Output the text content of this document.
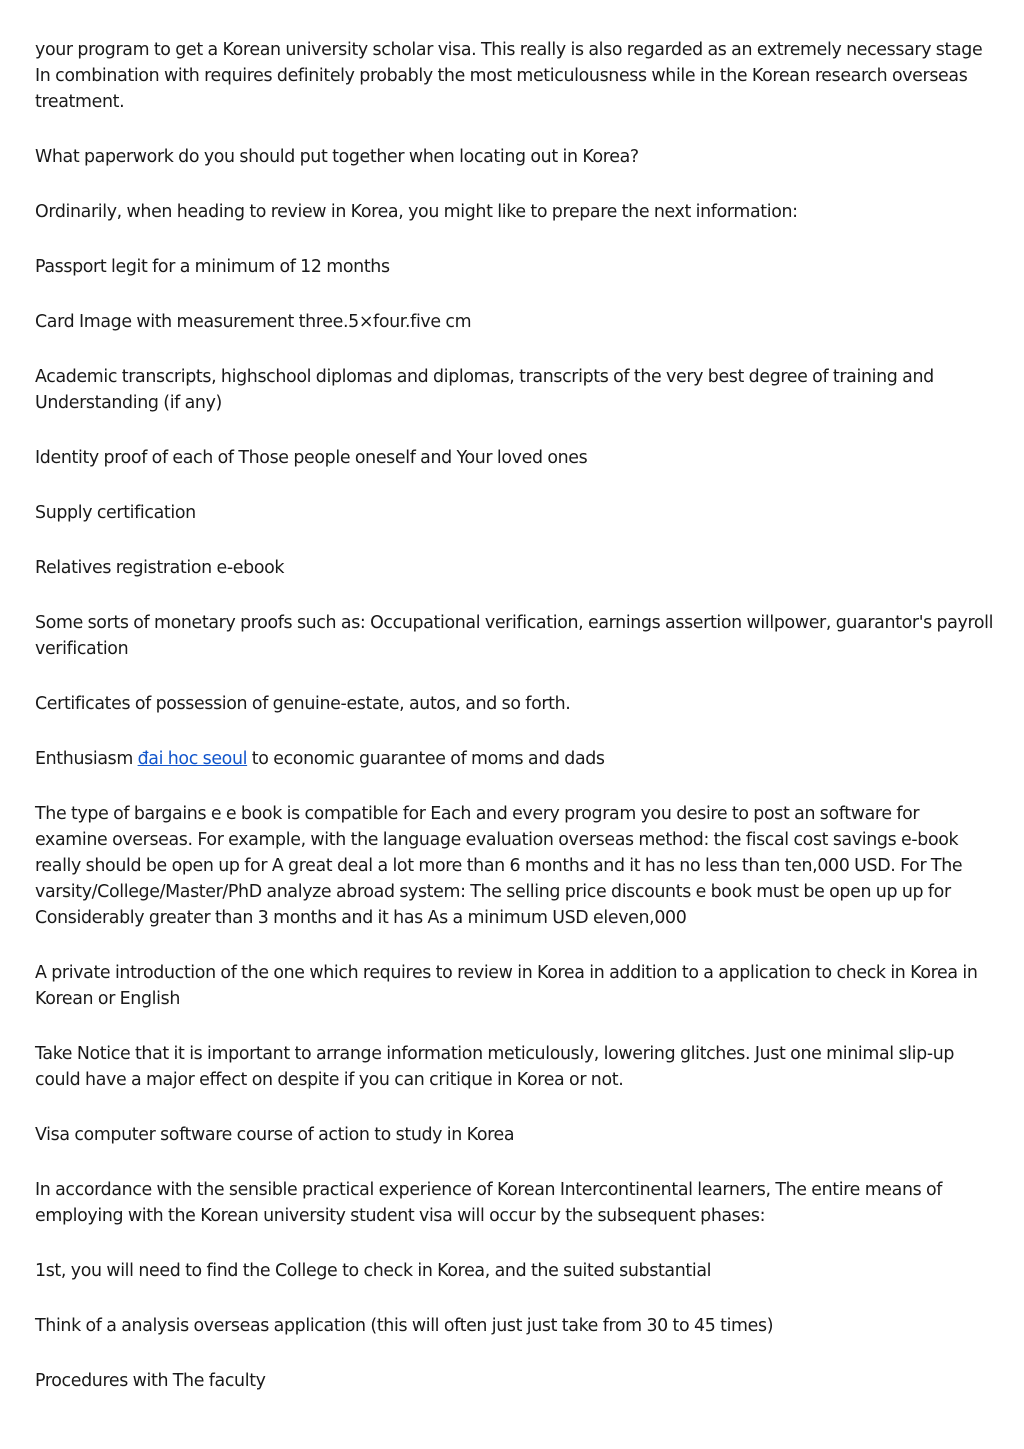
your program to get a Korean university scholar visa. This really is also regarded as an extremely necessary stage In combination with requires definitely probably the most meticulousness while in the Korean research overseas treatment.

What paperwork do you should put together when locating out in Korea?

Ordinarily, when heading to review in Korea, you might like to prepare the next information:

Passport legit for a minimum of 12 months

Card Image with measurement three.5×four.five cm

Academic transcripts, highschool diplomas and diplomas, transcripts of the very best degree of training and Understanding (if any)

Identity proof of each of Those people oneself and Your loved ones

Supply certification

Relatives registration e-ebook

Some sorts of monetary proofs such as: Occupational verification, earnings assertion willpower, guarantor's payroll verification

Certificates of possession of genuine-estate, autos, and so forth.

Enthusiasm đai hoc seoul to economic guarantee of moms and dads

The type of bargains e e book is compatible for Each and every program you desire to post an software for examine overseas. For example, with the language evaluation overseas method: the fiscal cost savings e-book really should be open up for A great deal a lot more than 6 months and it has no less than ten,000 USD. For The varsity/College/Master/PhD analyze abroad system: The selling price discounts e book must be open up up for Considerably greater than 3 months and it has As a minimum USD eleven,000

A private introduction of the one which requires to review in Korea in addition to a application to check in Korea in Korean or English

Take Notice that it is important to arrange information meticulously, lowering glitches. Just one minimal slip-up could have a major effect on despite if you can critique in Korea or not.

Visa computer software course of action to study in Korea

In accordance with the sensible practical experience of Korean Intercontinental learners, The entire means of employing with the Korean university student visa will occur by the subsequent phases:

1st, you will need to find the College to check in Korea, and the suited substantial

Think of a analysis overseas application (this will often just just take from 30 to 45 times)

Procedures with The faculty
